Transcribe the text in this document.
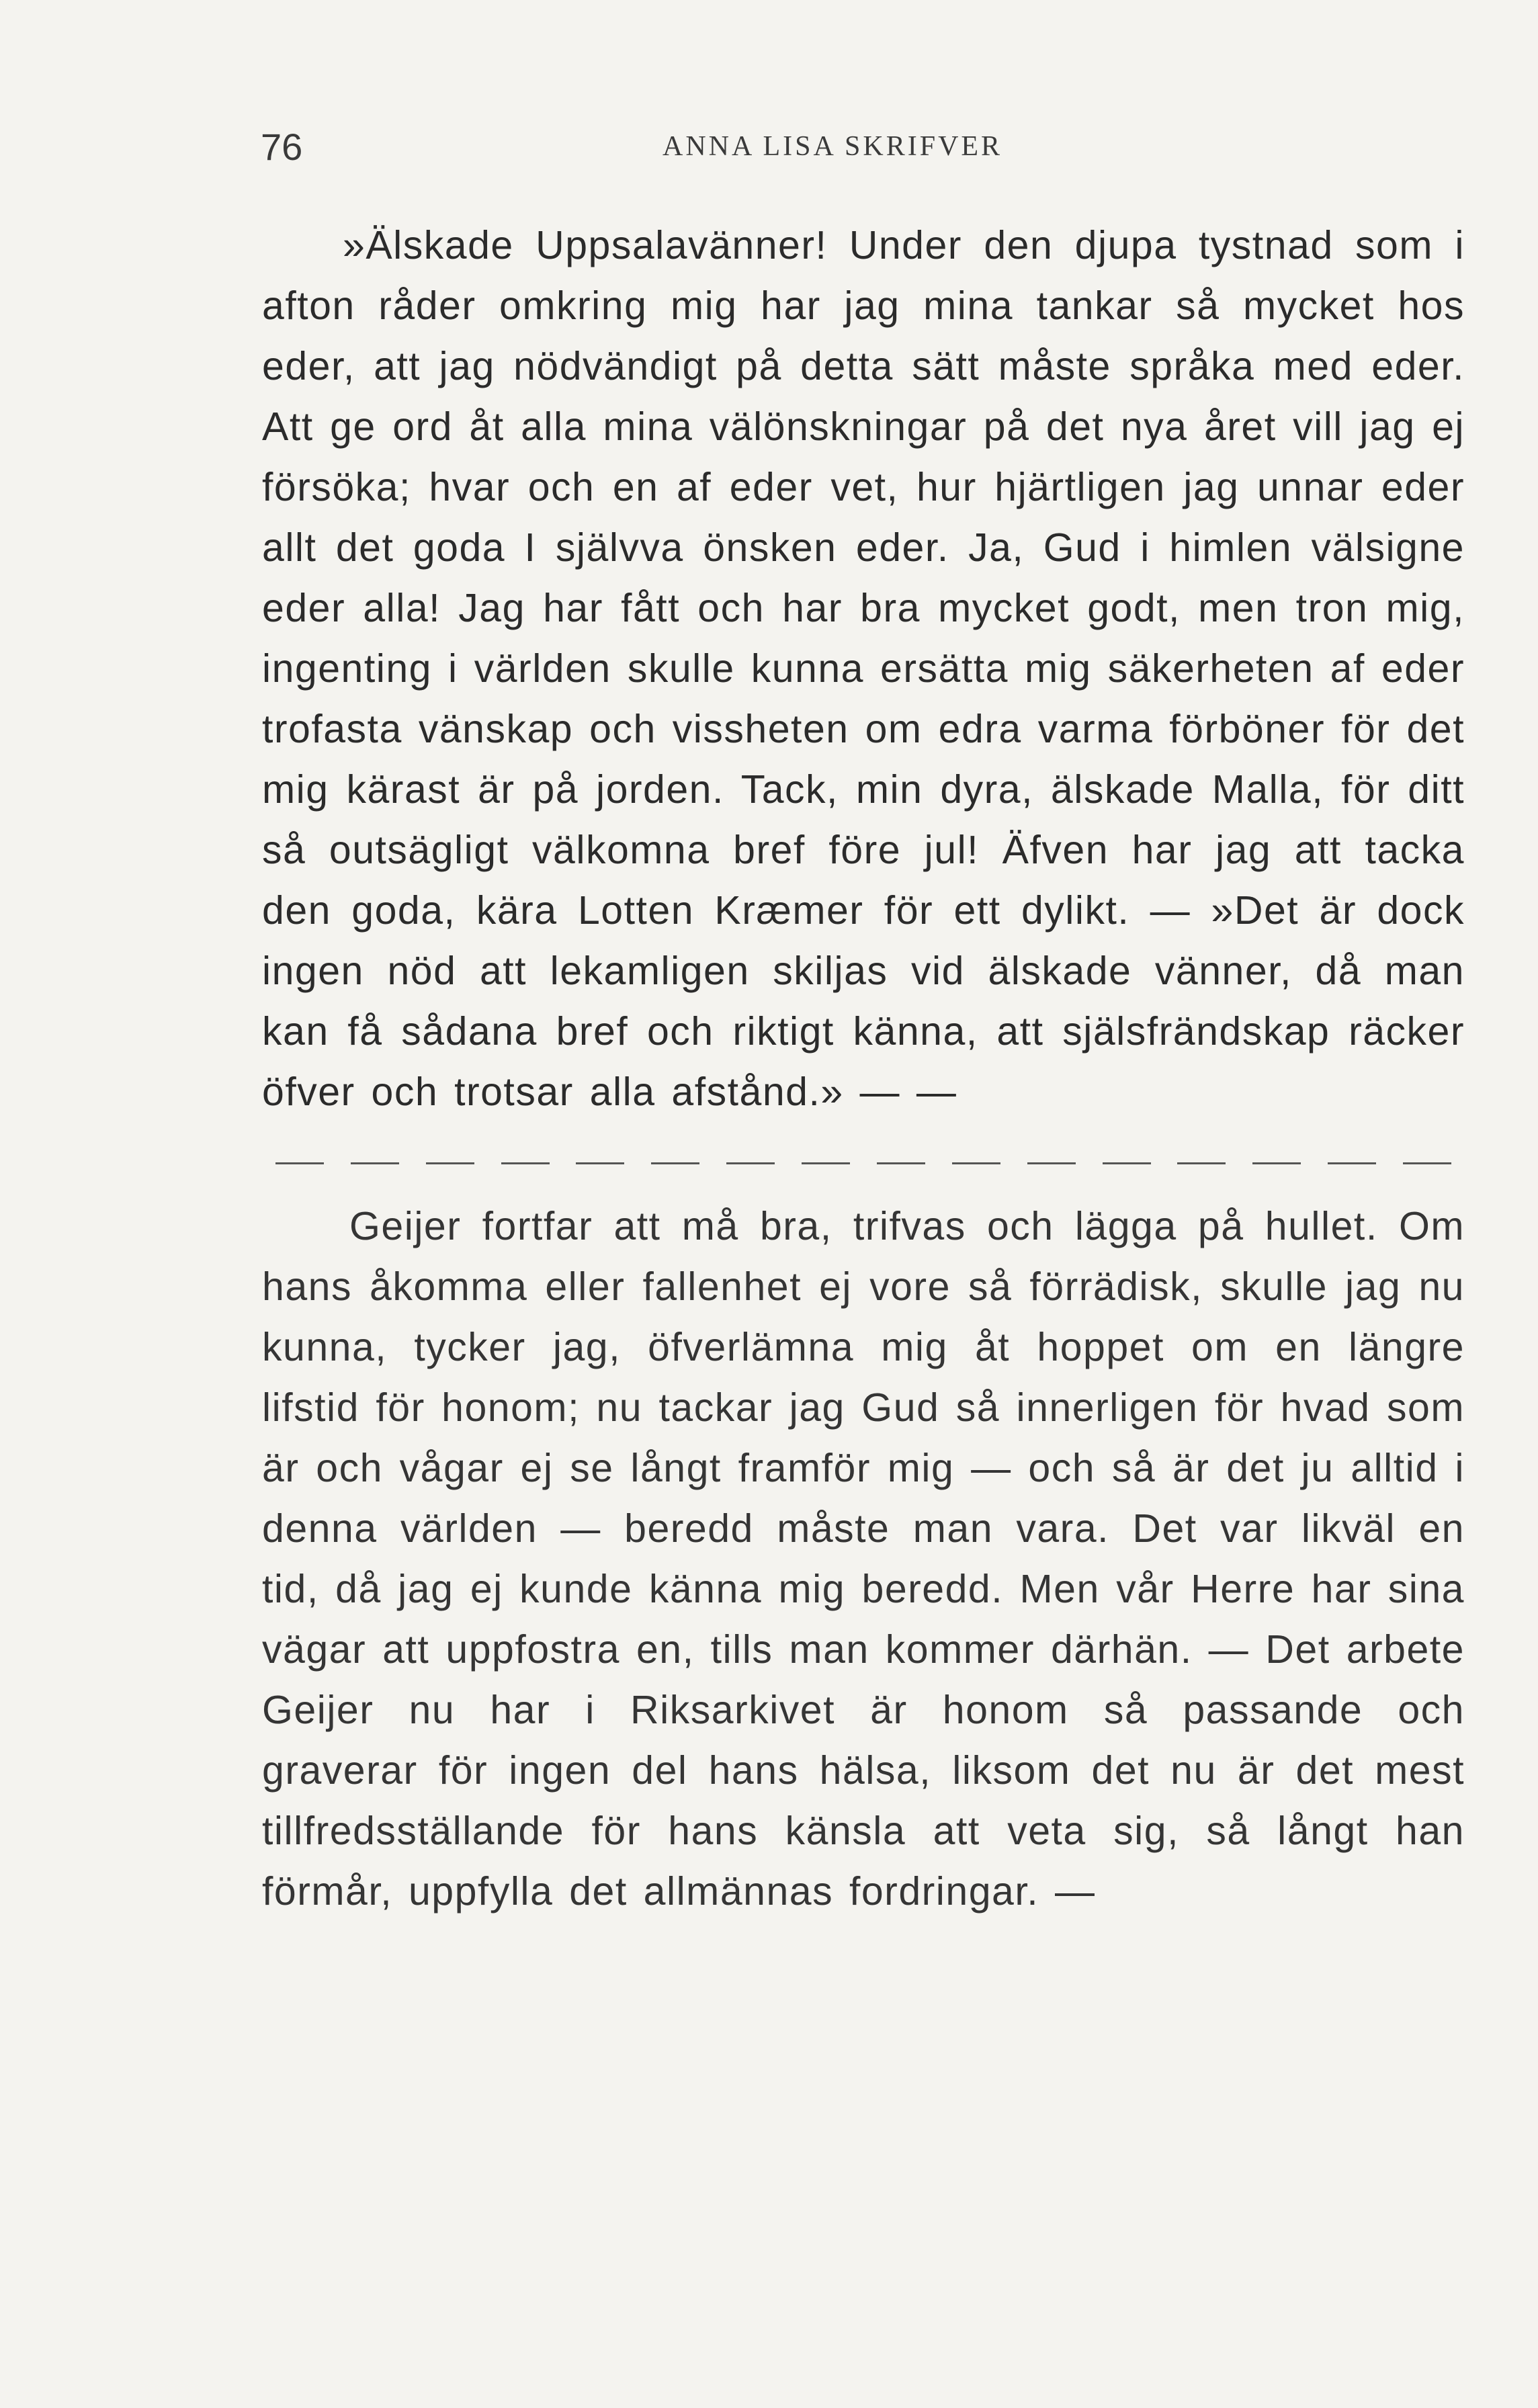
76	ANNA LISA SKRIFVER

»Älskade Uppsalavänner! Under den djupa tystnad som i afton råder omkring mig har jag mina tankar så mycket hos eder, att jag nödvändigt på detta sätt måste språka med eder. Att ge ord åt alla mina välönskningar på det nya året vill jag ej försöka; hvar och en af eder vet, hur hjärtligen jag unnar eder allt det goda I självva önsken eder. Ja, Gud i himlen välsigne eder alla! Jag har fått och har bra mycket godt, men tron mig, ingenting i världen skulle kunna ersätta mig säkerheten af eder trofasta vänskap och vissheten om edra varma förböner för det mig kärast är på jorden. Tack, min dyra, älskade Malla, för ditt så outsägligt välkomna bref före jul! Äfven har jag att tacka den goda, kära Lotten Kræmer för ett dylikt. — »Det är dock ingen nöd att lekamligen skiljas vid älskade vänner, då man kan få sådana bref och riktigt känna, att själsfrändskap räcker öfver och trotsar alla afstånd.» — —

Geijer fortfar att må bra, trifvas och lägga på hullet. Om hans åkomma eller fallenhet ej vore så förrädisk, skulle jag nu kunna, tycker jag, öfverlämna mig åt hoppet om en längre lifstid för honom; nu tackar jag Gud så innerligen för hvad som är och vågar ej se långt framför mig — och så är det ju alltid i denna världen — beredd måste man vara. Det var likväl en tid, då jag ej kunde känna mig beredd. Men vår Herre har sina vägar att uppfostra en, tills man kommer därhän. — Det arbete Geijer nu har i Riksarkivet är honom så passande och graverar för ingen del hans hälsa, liksom det nu är det mest tillfredsställande för hans känsla att veta sig, så långt han förmår, uppfylla det allmännas fordringar. —
